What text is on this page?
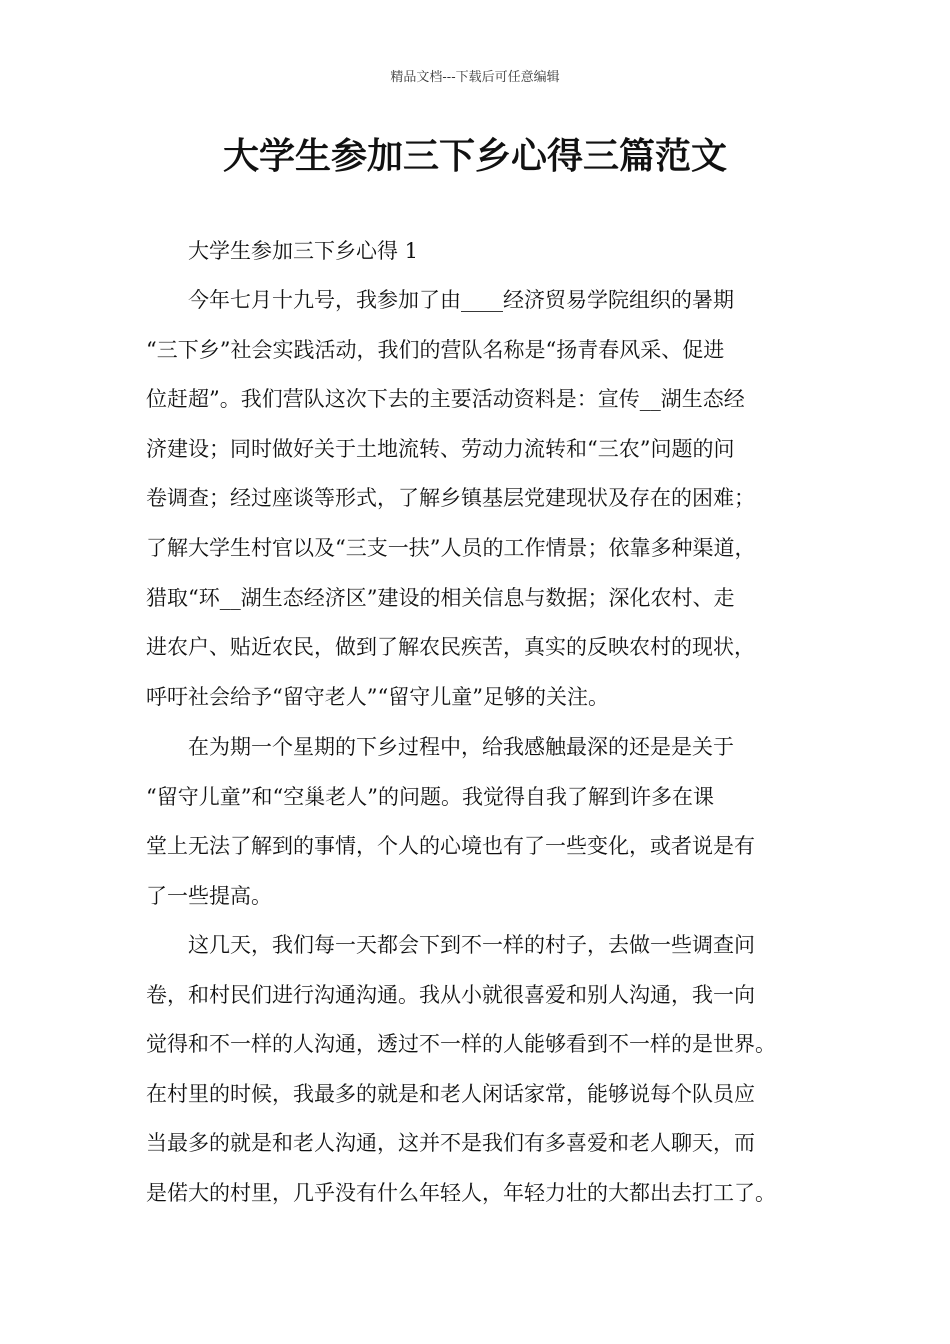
精品文档---下载后可任意编辑
大学生参加三下乡心得三篇范文
大学生参加三下乡心得 1
今年七月十九号，我参加了由____经济贸易学院组织的暑期
“三下乡”社会实践活动，我们的营队名称是“扬青春风采、促进
位赶超”。我们营队这次下去的主要活动资料是：宣传__湖生态经
济建设；同时做好关于土地流转、劳动力流转和“三农”问题的问
卷调查；经过座谈等形式，了解乡镇基层党建现状及存在的困难；
了解大学生村官以及“三支一扶”人员的工作情景；依靠多种渠道，
猎取“环__湖生态经济区”建设的相关信息与数据；深化农村、走
进农户、贴近农民，做到了解农民疾苦，真实的反映农村的现状，
呼吁社会给予“留守老人”“留守儿童”足够的关注。
在为期一个星期的下乡过程中，给我感触最深的还是是关于
“留守儿童”和“空巢老人”的问题。我觉得自我了解到许多在课
堂上无法了解到的事情，个人的心境也有了一些变化，或者说是有
了一些提高。
这几天，我们每一天都会下到不一样的村子，去做一些调查问
卷，和村民们进行沟通沟通。我从小就很喜爱和别人沟通，我一向
觉得和不一样的人沟通，透过不一样的人能够看到不一样的是世界。
在村里的时候，我最多的就是和老人闲话家常，能够说每个队员应
当最多的就是和老人沟通，这并不是我们有多喜爱和老人聊天，而
是偌大的村里，几乎没有什么年轻人，年轻力壮的大都出去打工了。
